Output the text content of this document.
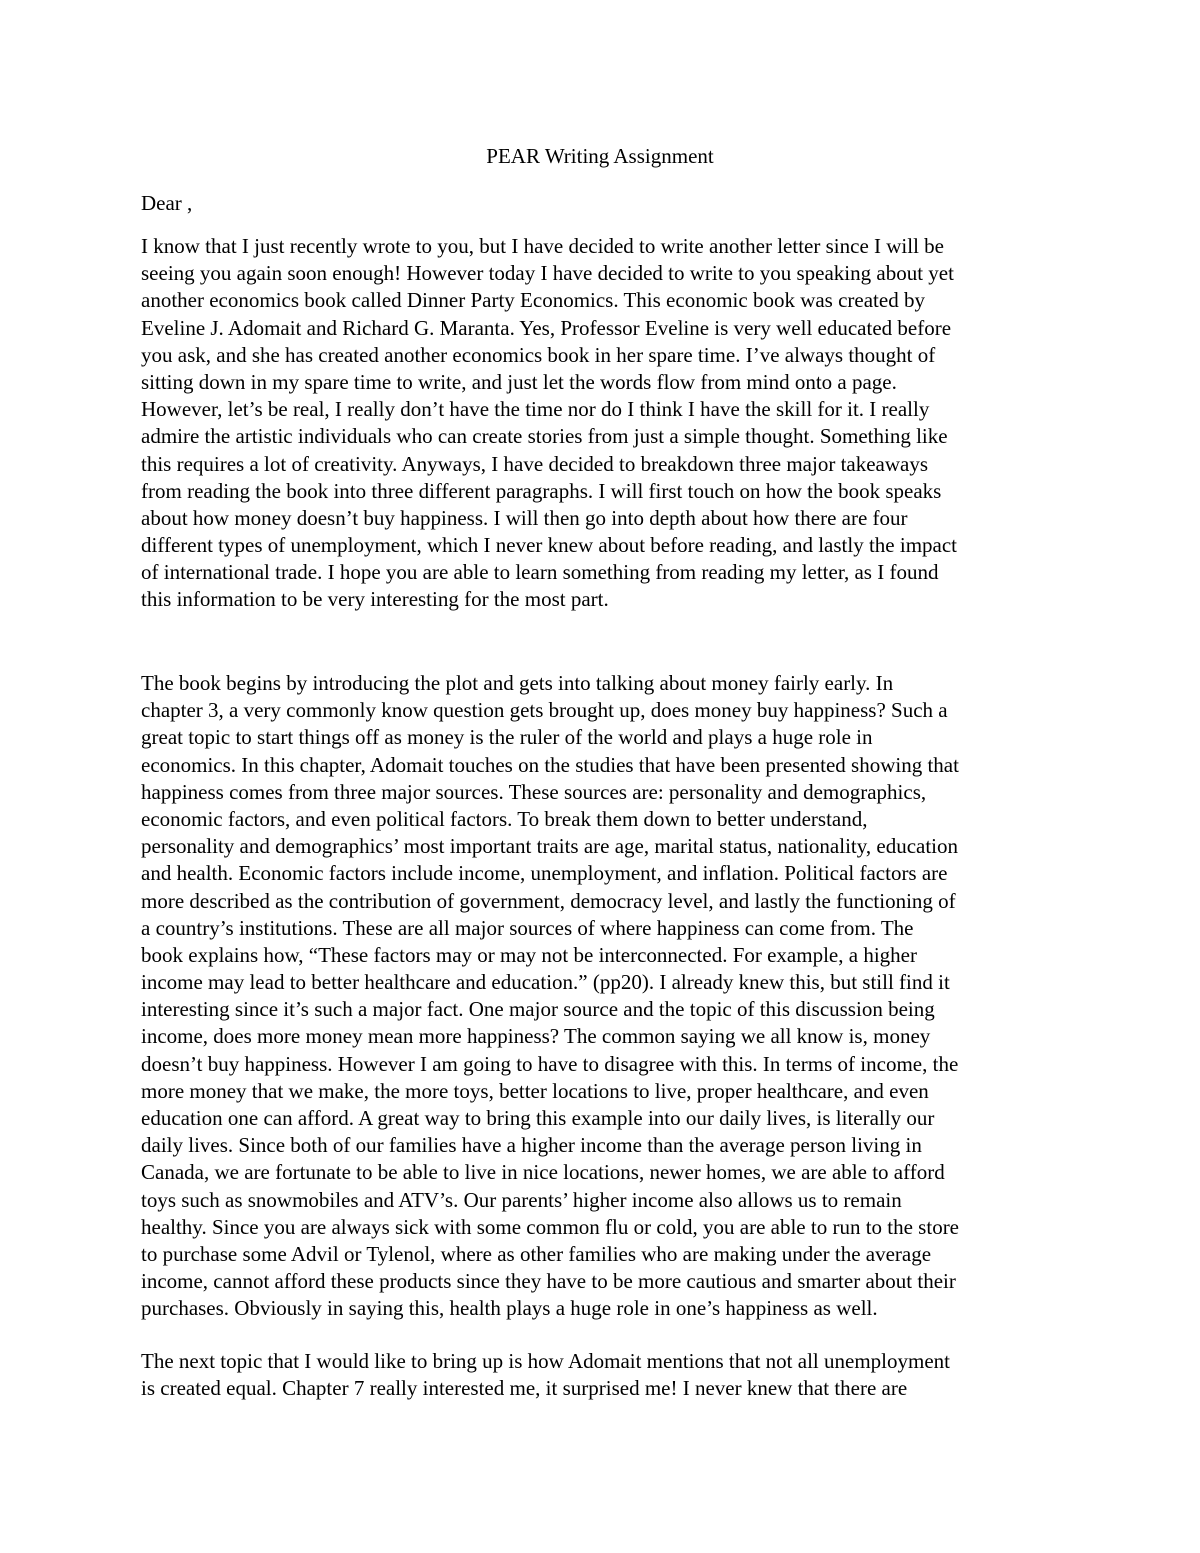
PEAR Writing Assignment
Dear ,
I know that I just recently wrote to you, but I have decided to write another letter since I will be
seeing you again soon enough! However today I have decided to write to you speaking about yet
another economics book called Dinner Party Economics. This economic book was created by
Eveline J. Adomait and Richard G. Maranta. Yes, Professor Eveline is very well educated before
you ask, and she has created another economics book in her spare time. I’ve always thought of
sitting down in my spare time to write, and just let the words flow from mind onto a page.
However, let’s be real, I really don’t have the time nor do I think I have the skill for it. I really
admire the artistic individuals who can create stories from just a simple thought. Something like
this requires a lot of creativity. Anyways, I have decided to breakdown three major takeaways
from reading the book into three different paragraphs. I will first touch on how the book speaks
about how money doesn’t buy happiness. I will then go into depth about how there are four
different types of unemployment, which I never knew about before reading, and lastly the impact
of international trade. I hope you are able to learn something from reading my letter, as I found
this information to be very interesting for the most part.
The book begins by introducing the plot and gets into talking about money fairly early. In
chapter 3, a very commonly know question gets brought up, does money buy happiness? Such a
great topic to start things off as money is the ruler of the world and plays a huge role in
economics. In this chapter, Adomait touches on the studies that have been presented showing that
happiness comes from three major sources. These sources are: personality and demographics,
economic factors, and even political factors. To break them down to better understand,
personality and demographics’ most important traits are age, marital status, nationality, education
and health. Economic factors include income, unemployment, and inflation. Political factors are
more described as the contribution of government, democracy level, and lastly the functioning of
a country’s institutions. These are all major sources of where happiness can come from. The
book explains how, “These factors may or may not be interconnected. For example, a higher
income may lead to better healthcare and education.” (pp20). I already knew this, but still find it
interesting since it’s such a major fact. One major source and the topic of this discussion being
income, does more money mean more happiness? The common saying we all know is, money
doesn’t buy happiness. However I am going to have to disagree with this. In terms of income, the
more money that we make, the more toys, better locations to live, proper healthcare, and even
education one can afford. A great way to bring this example into our daily lives, is literally our
daily lives. Since both of our families have a higher income than the average person living in
Canada, we are fortunate to be able to live in nice locations, newer homes, we are able to afford
toys such as snowmobiles and ATV’s. Our parents’ higher income also allows us to remain
healthy. Since you are always sick with some common flu or cold, you are able to run to the store
to purchase some Advil or Tylenol, where as other families who are making under the average
income, cannot afford these products since they have to be more cautious and smarter about their
purchases. Obviously in saying this, health plays a huge role in one’s happiness as well.
The next topic that I would like to bring up is how Adomait mentions that not all unemployment
is created equal. Chapter 7 really interested me, it surprised me! I never knew that there are
